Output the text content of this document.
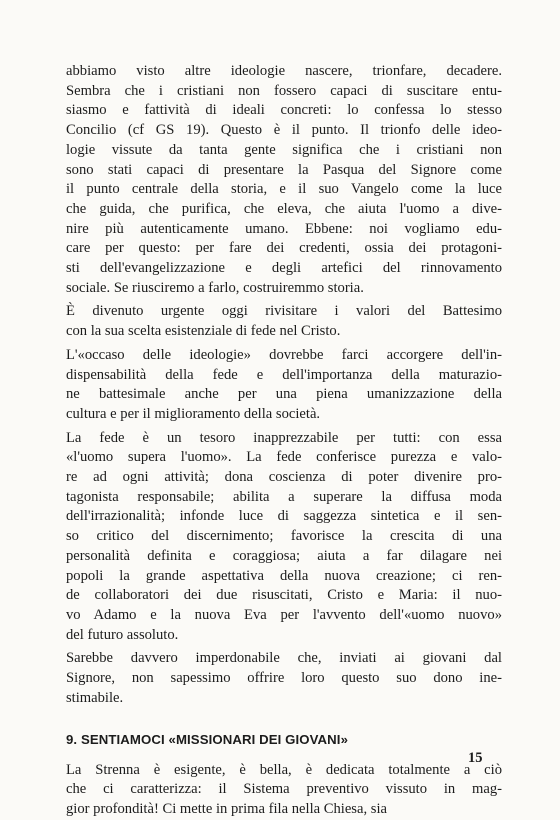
abbiamo visto altre ideologie nascere, trionfare, decadere.
Sembra che i cristiani non fossero capaci di suscitare entu-
siasmo e fattività di ideali concreti: lo confessa lo stesso
Concilio (cf GS 19). Questo è il punto. Il trionfo delle ideo-
logie vissute da tanta gente significa che i cristiani non
sono stati capaci di presentare la Pasqua del Signore come
il punto centrale della storia, e il suo Vangelo come la luce
che guida, che purifica, che eleva, che aiuta l'uomo a dive-
nire più autenticamente umano. Ebbene: noi vogliamo edu-
care per questo: per fare dei credenti, ossia dei protagoni-
sti dell'evangelizzazione e degli artefici del rinnovamento
sociale. Se riusciremo a farlo, costruiremmo storia.
È divenuto urgente oggi rivisitare i valori del Battesimo
con la sua scelta esistenziale di fede nel Cristo.
L'«occaso delle ideologie» dovrebbe farci accorgere dell'in-
dispensabilità della fede e dell'importanza della maturazio-
ne battesimale anche per una piena umanizzazione della
cultura e per il miglioramento della società.
La fede è un tesoro inapprezzabile per tutti: con essa
«l'uomo supera l'uomo». La fede conferisce purezza e valo-
re ad ogni attività; dona coscienza di poter divenire pro-
tagonista responsabile; abilita a superare la diffusa moda
dell'irrazionalità; infonde luce di saggezza sintetica e il sen-
so critico del discernimento; favorisce la crescita di una
personalità definita e coraggiosa; aiuta a far dilagare nei
popoli la grande aspettativa della nuova creazione; ci ren-
de collaboratori dei due risuscitati, Cristo e Maria: il nuo-
vo Adamo e la nuova Eva per l'avvento dell'«uomo nuovo»
del futuro assoluto.
Sarebbe davvero imperdonabile che, inviati ai giovani dal
Signore, non sapessimo offrire loro questo suo dono ine-
stimabile.
9. SENTIAMOCI «MISSIONARI DEI GIOVANI»
La Strenna è esigente, è bella, è dedicata totalmente a ciò
che ci caratterizza: il Sistema preventivo vissuto in mag-
gior profondità! Ci mette in prima fila nella Chiesa, sia
15
